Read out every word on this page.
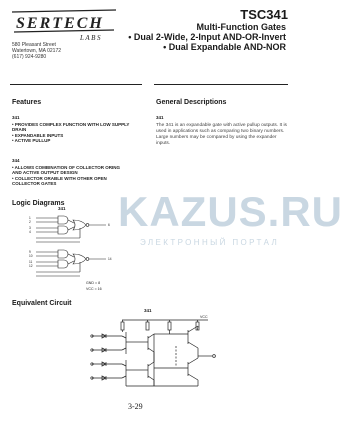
SERTECH
LABS
580 Pleasant Street
Watertown, MA 02172
(617) 924-9280
TSC341
Multi-Function Gates
• Dual 2-Wide, 2-Input AND-OR-Invert
• Dual Expandable AND-NOR
Features
341
• PROVIDES COMPLEX FUNCTION WITH LOW SUPPLY DRAIN
• EXPANDABLE INPUTS
• ACTIVE PULLUP
344
• ALLOWS COMBINATION OF COLLECTOR ORING AND ACTIVE OUTPUT DESIGN
• COLLECTOR ORABLE WITH OTHER OPEN COLLECTOR GATES
General Descriptions
341
The 341 is an expandable gate with active pullup outputs. It is used in applications such as comparing two binary numbers.
Large numbers may be compared by using the expander inputs.
KAZUS.RU
ЭЛЕКТРОННЫЙ ПОРТАЛ
Logic Diagrams
341
1
2
3
4
9
10
11
12
6
14
GND = 8
VCC = 16
Equivalent Circuit
341
VCC
3-29
